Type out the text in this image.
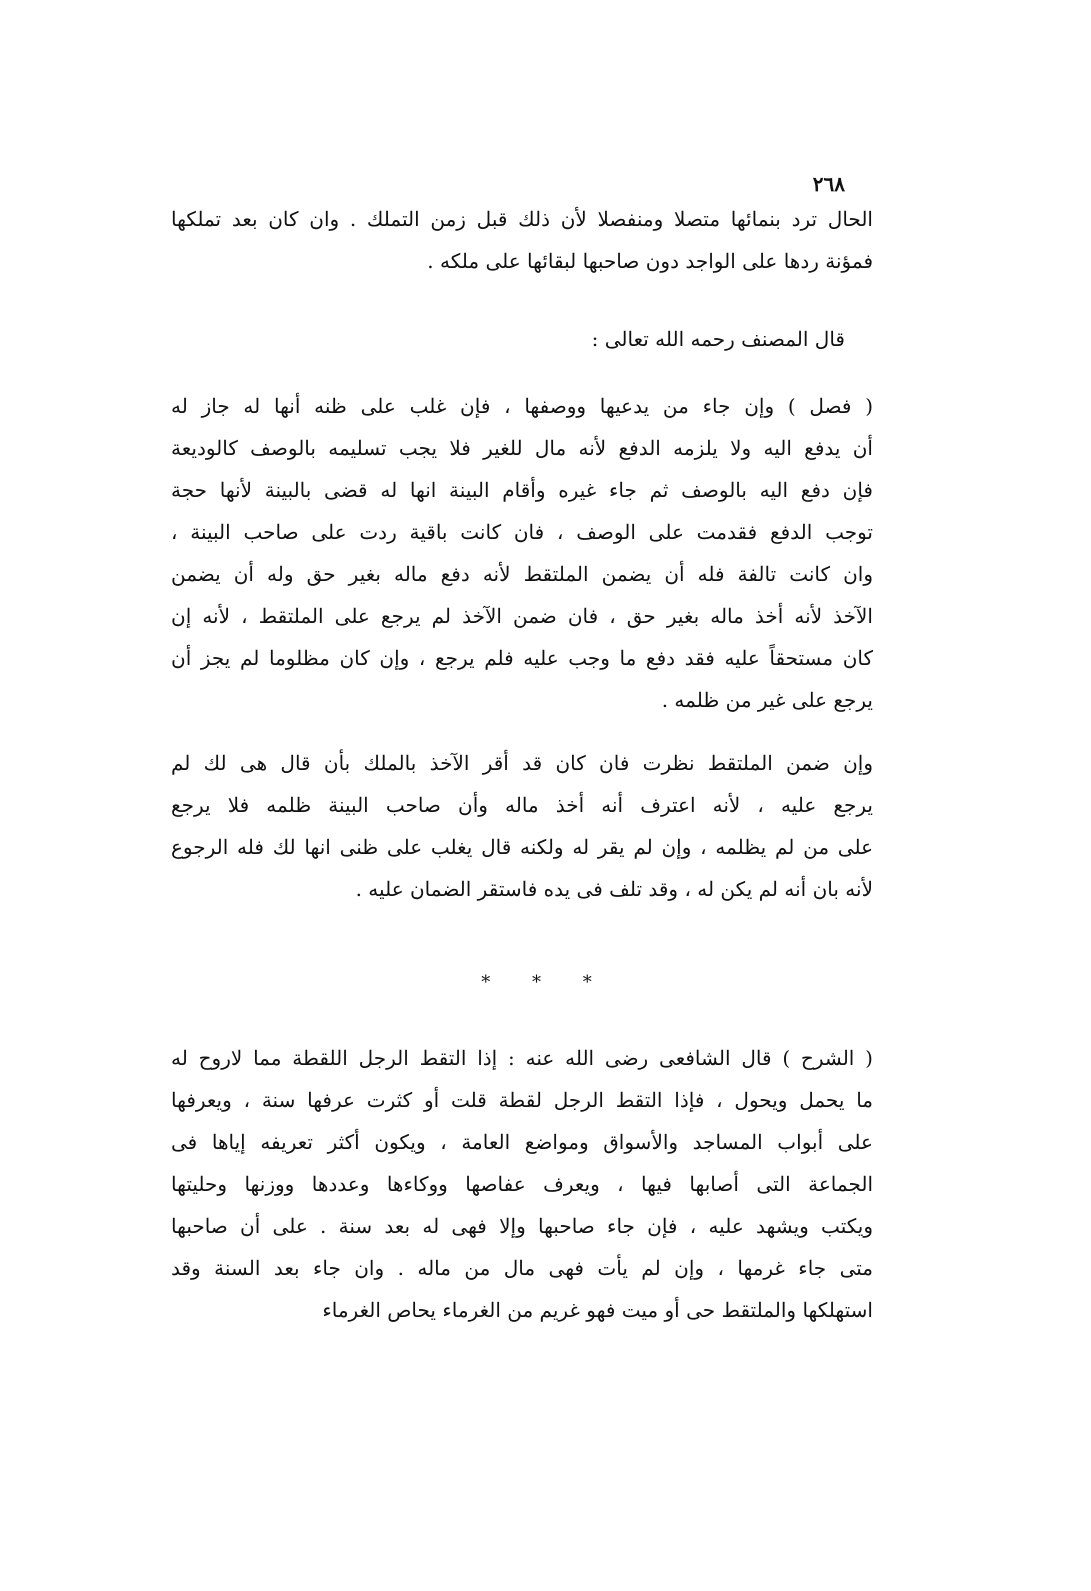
٢٦٨
الحال ترد بنمائها متصلا ومنفصلا لأن ذلك قبل زمن التملك . وان كان بعد تملكها
فمؤنة ردها على الواجد دون صاحبها لبقائها على ملكه .
قال المصنف رحمه الله تعالى :
( فصل ) وإن جاء من يدعيها ووصفها ، فإن غلب على ظنه أنها له جاز له
أن يدفع اليه ولا يلزمه الدفع لأنه مال للغير فلا يجب تسليمه بالوصف كالوديعة
فإن دفع اليه بالوصف ثم جاء غيره وأقام البينة انها له قضى بالبينة لأنها حجة
توجب الدفع فقدمت على الوصف ، فان كانت باقية ردت على صاحب البينة ،
وان كانت تالفة فله أن يضمن الملتقط لأنه دفع ماله بغير حق وله أن يضمن
الآخذ لأنه أخذ ماله بغير حق ، فان ضمن الآخذ لم يرجع على الملتقط ، لأنه إن
كان مستحقاً عليه فقد دفع ما وجب عليه فلم يرجع ، وإن كان مظلوما لم يجز أن
يرجع على غير من ظلمه .
وإن ضمن الملتقط نظرت فان كان قد أقر الآخذ بالملك بأن قال هى لك لم
يرجع عليه ، لأنه اعترف أنه أخذ ماله وأن صاحب البينة ظلمه فلا يرجع
على من لم يظلمه ، وإن لم يقر له ولكنه قال يغلب على ظنى انها لك فله الرجوع
لأنه بان أنه لم يكن له ، وقد تلف فى يده فاستقر الضمان عليه .
* * *
( الشرح ) قال الشافعى رضى الله عنه : إذا التقط الرجل اللقطة مما لاروح له
ما يحمل ويحول ، فإذا التقط الرجل لقطة قلت أو كثرت عرفها سنة ، ويعرفها
على أبواب المساجد والأسواق ومواضع العامة ، ويكون أكثر تعريفه إياها فى
الجماعة التى أصابها فيها ، ويعرف عفاصها ووكاءها وعددها ووزنها وحليتها
ويكتب ويشهد عليه ، فإن جاء صاحبها وإلا فهى له بعد سنة . على أن صاحبها
متى جاء غرمها ، وإن لم يأت فهى مال من ماله . وان جاء بعد السنة وقد
استهلكها والملتقط حى أو ميت فهو غريم من الغرماء يحاص الغرماء
